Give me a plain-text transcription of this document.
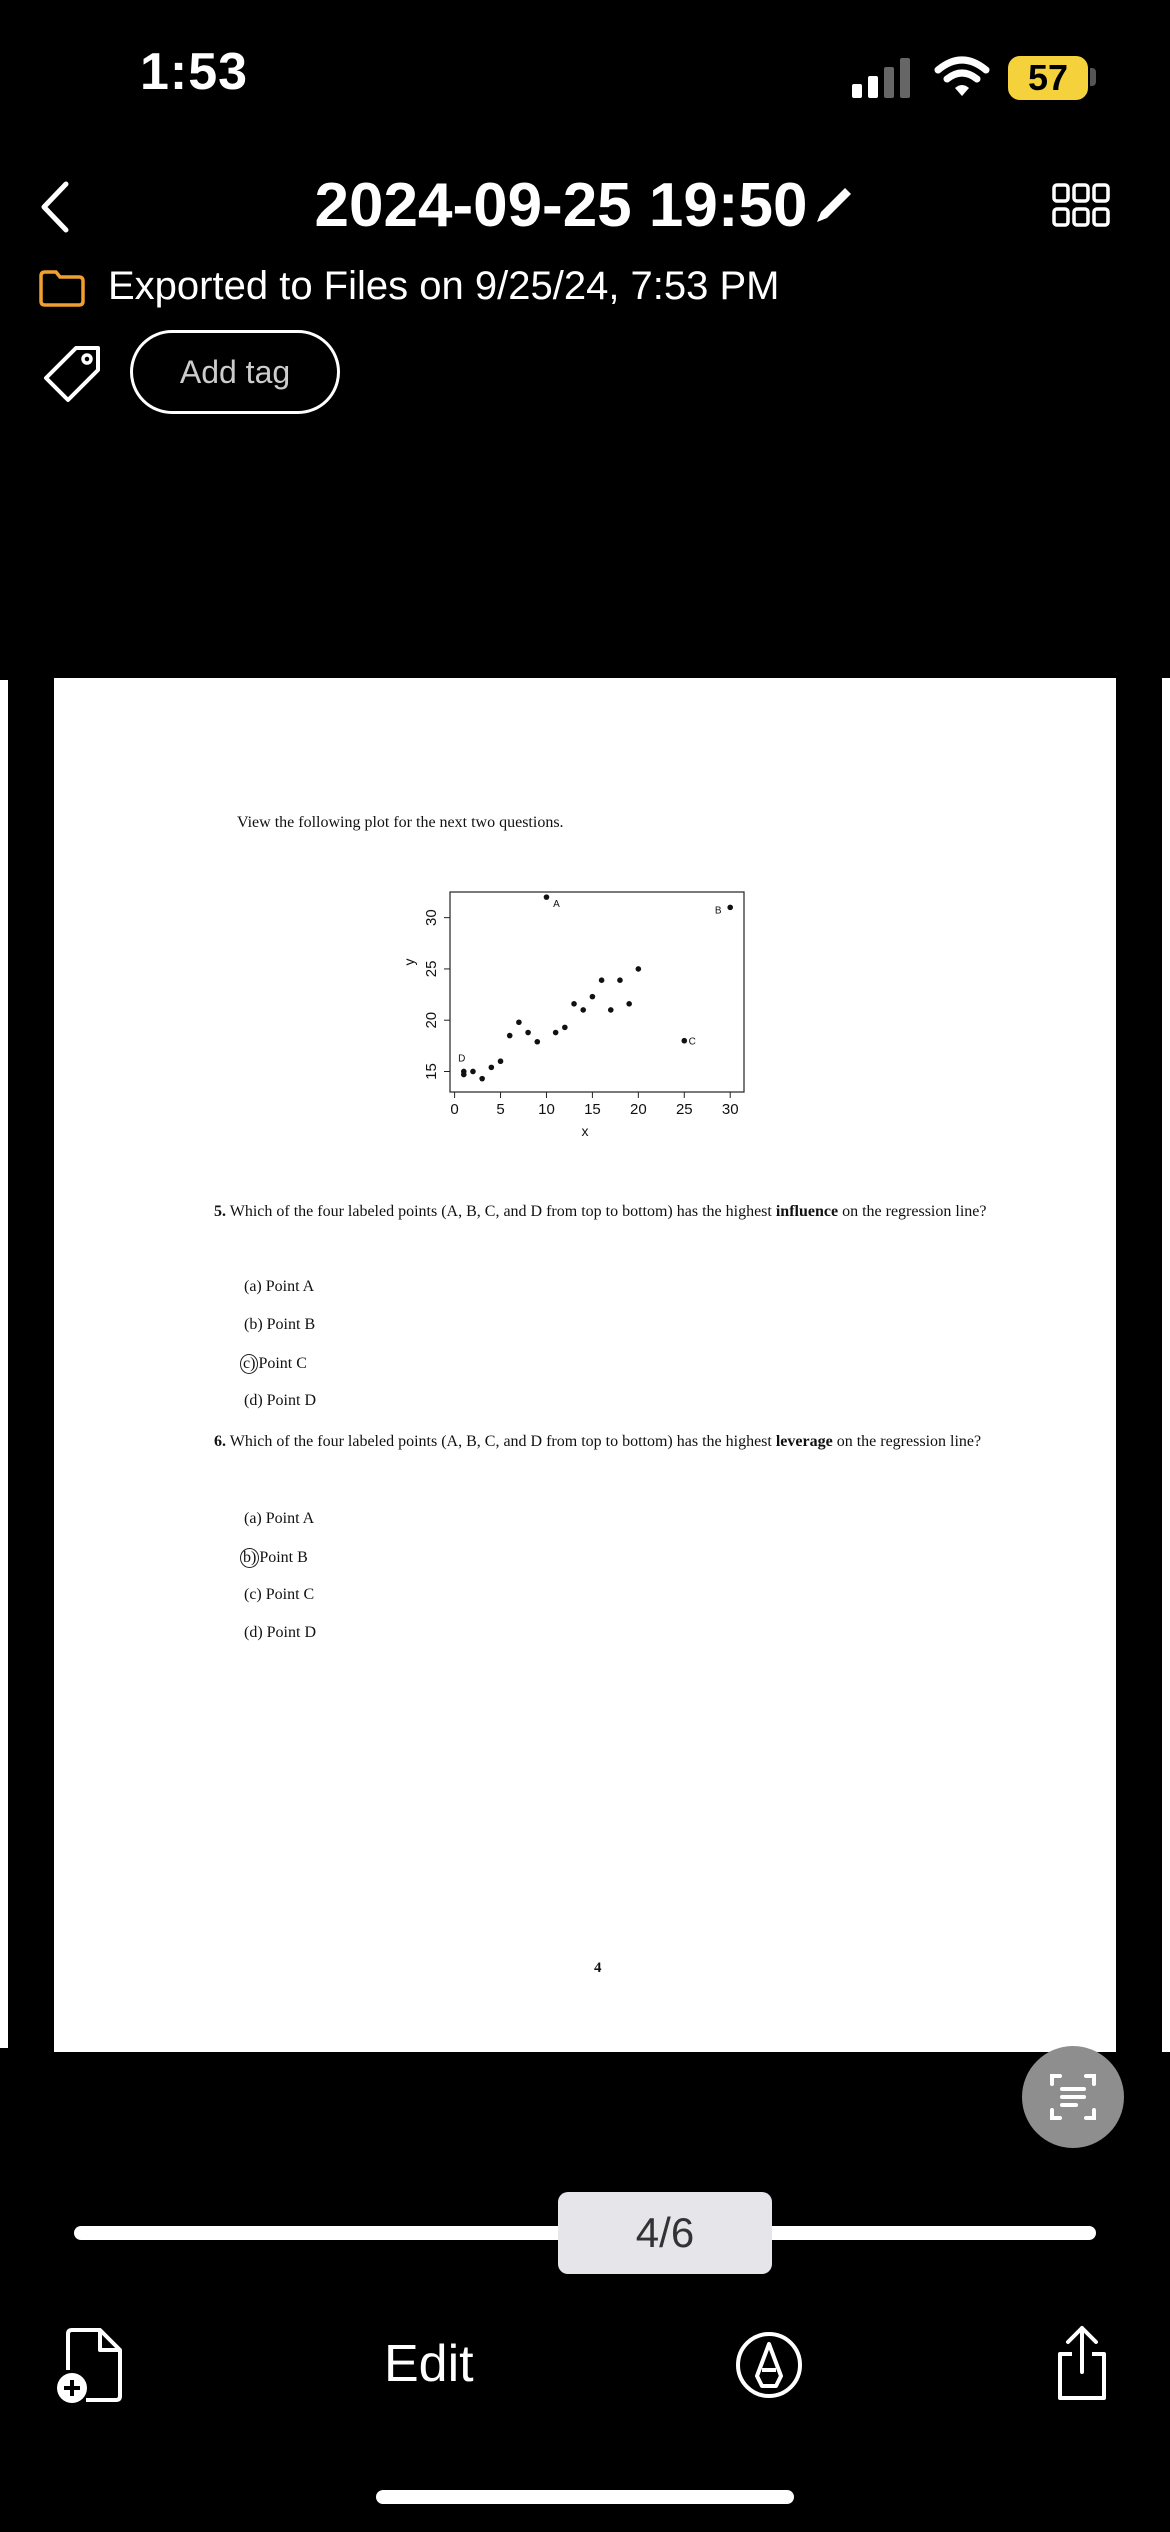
1:53	57
2024-09-25 19:50
Exported to Files on 9/25/24, 7:53 PM
Add tag
View the following plot for the next two questions.
0	5 10 15 20 25 30
15
20
25
30
x
y
A
B
C
D
5. Which of the four labeled points (A, B, C, and D from top to bottom) has the highest influence on the regression line?
(a) Point A
(b) Point B
c) Point C
(d) Point D
6. Which of the four labeled points (A, B, C, and D from top to bottom) has the highest leverage on the regression line?
(a) Point A
b) Point B
(c) Point C
(d) Point D
4
4/6
Edit
